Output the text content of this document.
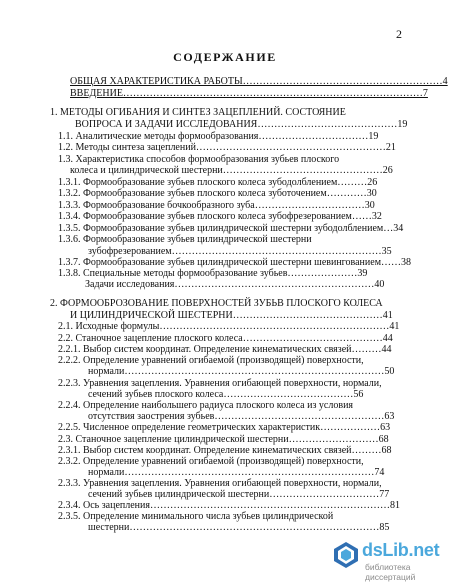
2
СОДЕРЖАНИЕ
ОБЩАЯ ХАРАКТЕРИСТИКА РАБОТЫ……………………………………………………4
ВВЕДЕНИЕ………………………………………………………………………………7
1. МЕТОДЫ ОГИБАНИЯ И СИНТЕЗ ЗАЦЕПЛЕНИЙ. СОСТОЯНИЕ
ВОПРОСА И ЗАДАЧИ ИССЛЕДОВАНИЯ……………………………………19
1.1. Аналитические методы формообразования……………………………19
1.2. Методы синтеза зацеплений…………………………………………………21
1.3. Характеристика способов формообразования зубьев плоского
колеса и цилиндрической шестерни…………………………………………26
1.3.1. Формообразование зубьев плоского колеса зубодолблением………26
1.3.2. Формообразование зубьев плоского колеса зуботочением…………30
1.3.3. Формообразование бочкообразного зуба……………………………30
1.3.4. Формообразование зубьев плоского колеса зубофрезерованием……32
1.3.5. Формообразование зубьев цилиндрической шестерни зубодолблением…34
1.3.6. Формообразование зубьев цилиндрической шестерни
зубофрезерованием………………………………………………………35
1.3.7. Формообразование зубьев цилиндрической шестерни шевингованием……38
1.3.8. Специальные методы формообразование зубьев…………………39
Задачи исследования……………………………………………………40
2. ФОРМООБРОЗОВАНИЕ ПОВЕРХНОСТЕЙ ЗУБЬВ ПЛОСКОГО КОЛЕСА
И ЦИЛИНДРИЧЕСКОЙ ШЕСТЕРНИ………………………………………41
2.1. Исходные формулы……………………………………………………………41
2.2. Станочное зацепление плоского колеса……………………………………44
2.2.1. Выбор систем координат. Определение кинематических связей………44
2.2.2. Определение уравнений огибаемой (производящей) поверхности,
нормали……………………………………………………………………50
2.2.3. Уравнения зацепления. Уравнения огибающей поверхности, нормали,
сечений зубьев плоского колеса…………………………………56
2.2.4. Определение наибольшего радиуса плоского колеса из условия
отсутствия заострения зубьев……………………………………………63
2.2.5. Численное определение геометрических характеристик………………63
2.3. Станочное зацепление цилиндрической шестерни………………………68
2.3.1. Выбор систем координат. Определение кинематических связей………68
2.3.2. Определение уравнений огибаемой (производящей) поверхности,
нормали…………………………………………………………………74
2.3.3. Уравнения зацепления. Уравнения огибающей поверхности, нормали,
сечений зубьев цилиндрической шестерни……………………………77
2.3.4. Ось зацепления………………………………………………………………81
2.3.5. Определение минимального числа зубьев цилиндрической
шестерни…………………………………………………………………85
dsLib.net
библиотека диссертаций
